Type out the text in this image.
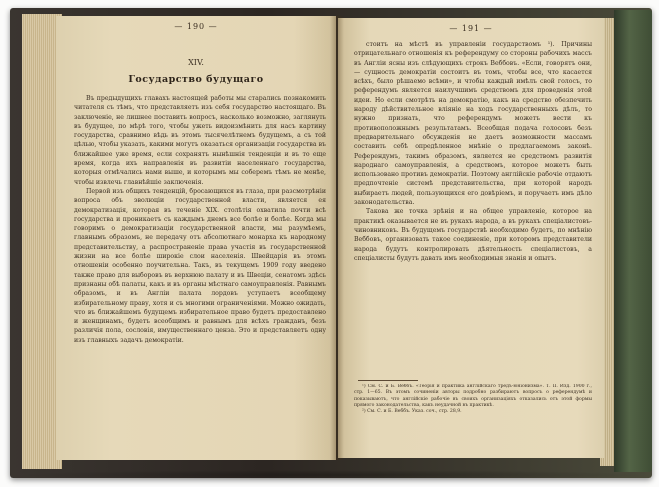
— 190 —
XIV.
Государство будущаго

Въ предыдущихъ главахъ настоящей работы мы старались познакомить читателя съ тѣмъ, что представляетъ изъ себя государство настоящаго. Въ заключеніе, не лишнее поставить вопросъ, насколько возможно, заглянуть въ будущее, по мѣрѣ того, чтобы ужеть видоизмѣнить для насъ картину государства, сравнимо вѣдь въ этомъ тысячелѣтнемъ будущемъ, а съ той цѣлью, чтобы указать, какими могутъ оказаться организаціи государства въ ближайшее уже время, если сохранятъ нынѣшнія тенденціи и въ то еще время, когда ихъ направленія въ развитіи населеннаго государства, которыя отмѣчались нами выше, и которымъ мы соберемъ тѣмъ не менѣе, чтобы извлечь главнѣйшіе заключенія.

Первой изъ общихъ тенденцій, бросающихся въ глаза, при разсмотрѣніи вопроса объ эволюціи государственной власти, является ея демократизація, которая въ теченіе XIX. столѣтія охватила почти всѣ государства и проникаетъ съ каждымъ днемъ все болѣе и болѣе. Когда мы говоримъ о демократизаціи государственной власти, мы разумѣемъ, главнымъ образомъ, не передачу отъ абсолютнаго монарха къ народному представительству, а распространеніе права участія въ государственной жизни на все болѣе широкіе слои населенія. Швейцарія въ этомъ отношеніи особенно поучительна. Такъ, въ текущемъ 1909 году введено также право для выборовъ въ верхнюю палату и въ Швеціи, сенатомъ здѣсь признаны обѣ палаты, какъ и въ органы мѣстнаго самоуправленія. Равнымъ образомъ, и въ Англіи палата лордовъ уступаетъ всеобщему избирательному праву, хотя и съ многими ограниченіями. Можно ожидать, что въ ближайшемъ будущемъ избирательное право будетъ предоставлено и женщинамъ, будетъ всеобщимъ и равнымъ для всѣхъ гражданъ, безъ различія пола, сословія, имущественнаго ценза. Это и представляетъ одну изъ главныхъ задачъ демократіи.

— 191 —

стоитъ на мѣстѣ въ управленіи государствомъ ¹). Причины отрицательнаго отношенія къ референдуму со стороны рабочихъ массъ въ Англіи ясны изъ слѣдующихъ строкъ Веббовъ. «Если, говорятъ они, — сущность демократіи состоитъ въ томъ, чтобы все, что касается всѣхъ, было рѣшаемо всѣми», и чтобы каждый имѣлъ свой голосъ, то референдумъ является наилучшимъ средствомъ для проведенія этой идеи. Но если смотрѣть на демократію, какъ на средство обезпечить народу дѣйствительное вліяніе на ходъ государственныхъ дѣлъ, то нужно признать, что референдумъ можетъ вести къ противоположнымъ результатамъ. Всеобщая подача голосовъ безъ предварительнаго обсужденія не даетъ возможности массамъ составить себѣ опредѣленное мнѣніе о предлагаемомъ законѣ. Референдумъ, такимъ образомъ, является не средствомъ развитія народнаго самоуправленія, а средствомъ, которое можетъ быть использовано противъ демократіи. Поэтому англійскіе рабочіе отдаютъ предпочтеніе системѣ представительства, при которой народъ выбираетъ людей, пользующихся его довѣріемъ, и поручаетъ имъ дѣло законодательства.

Такова же точка зрѣнія и на общее управленіе, которое на практикѣ оказывается не въ рукахъ народа, а въ рукахъ спеціалистовъ-чиновниковъ. Въ будущемъ государствѣ необходимо будетъ, по мнѣнію Веббовъ, организовать такое соединеніе, при которомъ представители народа будутъ контролировать дѣятельность спеціалистовъ, а спеціалисты будутъ давать имъ необходимыя знанія и опытъ.

¹) См. С. и Б. Веббъ. «Теорія и практика англійскаго тредъ-юніонизма». Т. II. Изд. 1900 г., стр. 1—65. Въ этомъ сочиненіи авторы подробно разбираютъ вопросъ о референдумѣ и показываютъ, что англійскіе рабочіе въ своихъ организаціяхъ отказались отъ этой формы прямого законодательства, какъ неудачной въ практикѣ.

²) См. С. и Б. Веббъ. Указ. соч., стр. 28,9.
